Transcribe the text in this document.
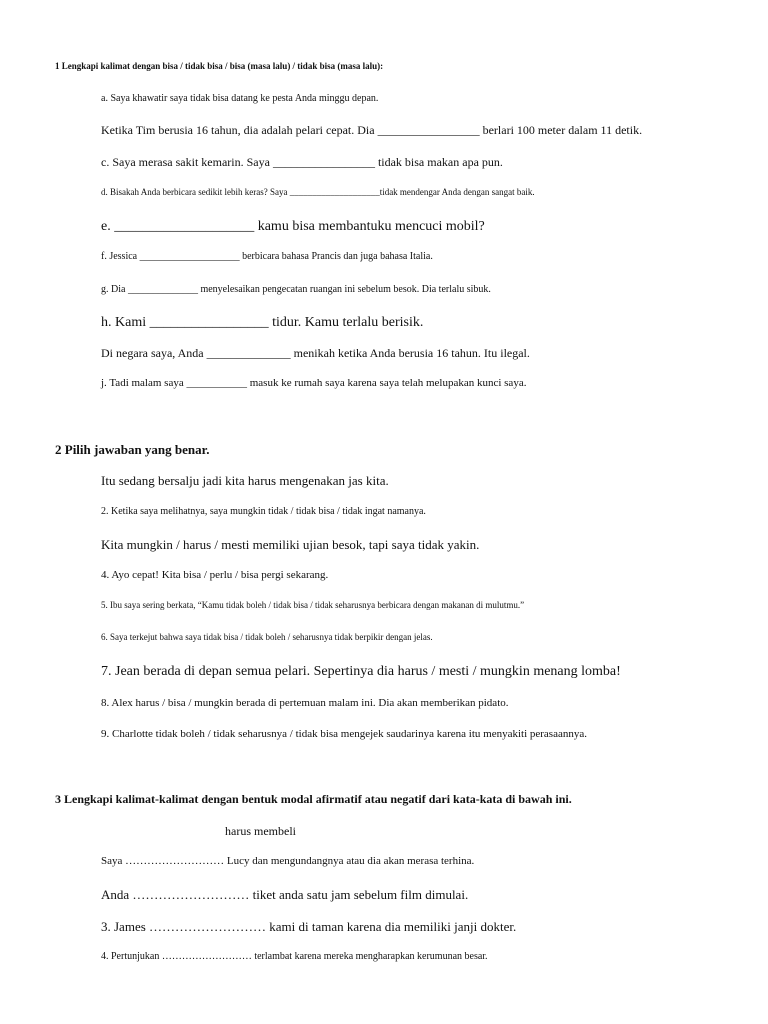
1 Lengkapi kalimat dengan bisa / tidak bisa / bisa (masa lalu) / tidak bisa (masa lalu):
a. Saya khawatir saya tidak bisa datang ke pesta Anda minggu depan.
Ketika Tim berusia 16 tahun, dia adalah pelari cepat. Dia _________________ berlari 100 meter dalam 11 detik.
c. Saya merasa sakit kemarin. Saya _________________ tidak bisa makan apa pun.
d. Bisakah Anda berbicara sedikit lebih keras? Saya ____________________tidak mendengar Anda dengan sangat baik.
e. ____________________ kamu bisa membantuku mencuci mobil?
f. Jessica ____________________ berbicara bahasa Prancis dan juga bahasa Italia.
g. Dia ______________ menyelesaikan pengecatan ruangan ini sebelum besok. Dia terlalu sibuk.
h. Kami _________________ tidur. Kamu terlalu berisik.
Di negara saya, Anda ______________ menikah ketika Anda berusia 16 tahun. Itu ilegal.
j. Tadi malam saya ___________ masuk ke rumah saya karena saya telah melupakan kunci saya.
2 Pilih jawaban yang benar.
Itu sedang bersalju jadi kita harus mengenakan jas kita.
2. Ketika saya melihatnya, saya mungkin tidak / tidak bisa / tidak ingat namanya.
Kita mungkin / harus / mesti memiliki ujian besok, tapi saya tidak yakin.
4. Ayo cepat! Kita bisa / perlu / bisa pergi sekarang.
5. Ibu saya sering berkata, “Kamu tidak boleh / tidak bisa / tidak seharusnya berbicara dengan makanan di mulutmu.”
6. Saya terkejut bahwa saya tidak bisa / tidak boleh / seharusnya tidak berpikir dengan jelas.
7. Jean berada di depan semua pelari. Sepertinya dia harus / mesti / mungkin menang lomba!
8. Alex harus / bisa / mungkin berada di pertemuan malam ini. Dia akan memberikan pidato.
9. Charlotte tidak boleh / tidak seharusnya / tidak bisa mengejek saudarinya karena itu menyakiti perasaannya.
3 Lengkapi kalimat-kalimat dengan bentuk modal afirmatif atau negatif dari kata-kata di bawah ini.
harus membeli
Saya ……………………… Lucy dan mengundangnya atau dia akan merasa terhina.
Anda ……………………… tiket anda satu jam sebelum film dimulai.
3. James ……………………… kami di taman karena dia memiliki janji dokter.
4. Pertunjukan ……………………… terlambat karena mereka mengharapkan kerumunan besar.
